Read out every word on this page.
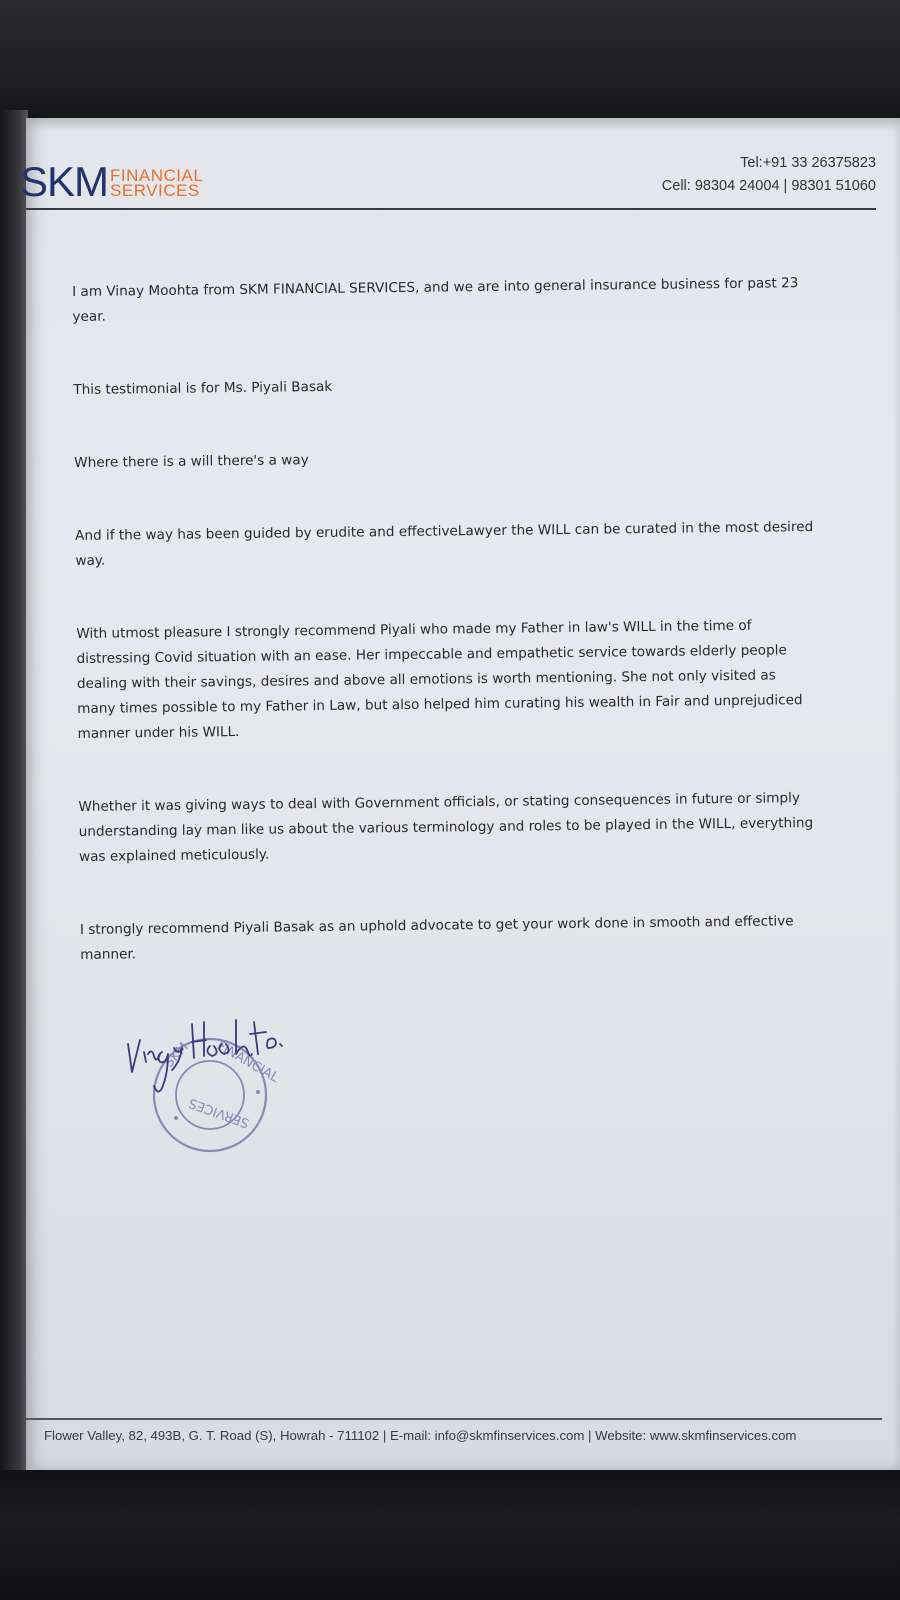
SKM FINANCIAL
SERVICES
Tel:+91 33 26375823
Cell: 98304 24004 | 98301 51060

I am Vinay Moohta from SKM FINANCIAL SERVICES, and we are into general insurance business for past 23 year.

This testimonial is for Ms. Piyali Basak

Where there is a will there's a way

And if the way has been guided by erudite and effectiveLawyer the WILL can be curated in the most desired way.

With utmost pleasure I strongly recommend Piyali who made my Father in law's WILL in the time of distressing Covid situation with an ease. Her impeccable and empathetic service towards elderly people dealing with their savings, desires and above all emotions is worth mentioning. She not only visited as many times possible to my Father in Law, but also helped him curating his wealth in Fair and unprejudiced manner under his WILL.

Whether it was giving ways to deal with Government officials, or stating consequences in future or simply understanding lay man like us about the various terminology and roles to be played in the WILL, everything was explained meticulously.

I strongly recommend Piyali Basak as an uphold advocate to get your work done in smooth and effective manner.

SKM FINANCIAL
SERVICES
Flower Valley, 82, 493B, G. T. Road (S), Howrah - 711102 | E-mail: info@skmfinservices.com | Website: www.skmfinservices.com
